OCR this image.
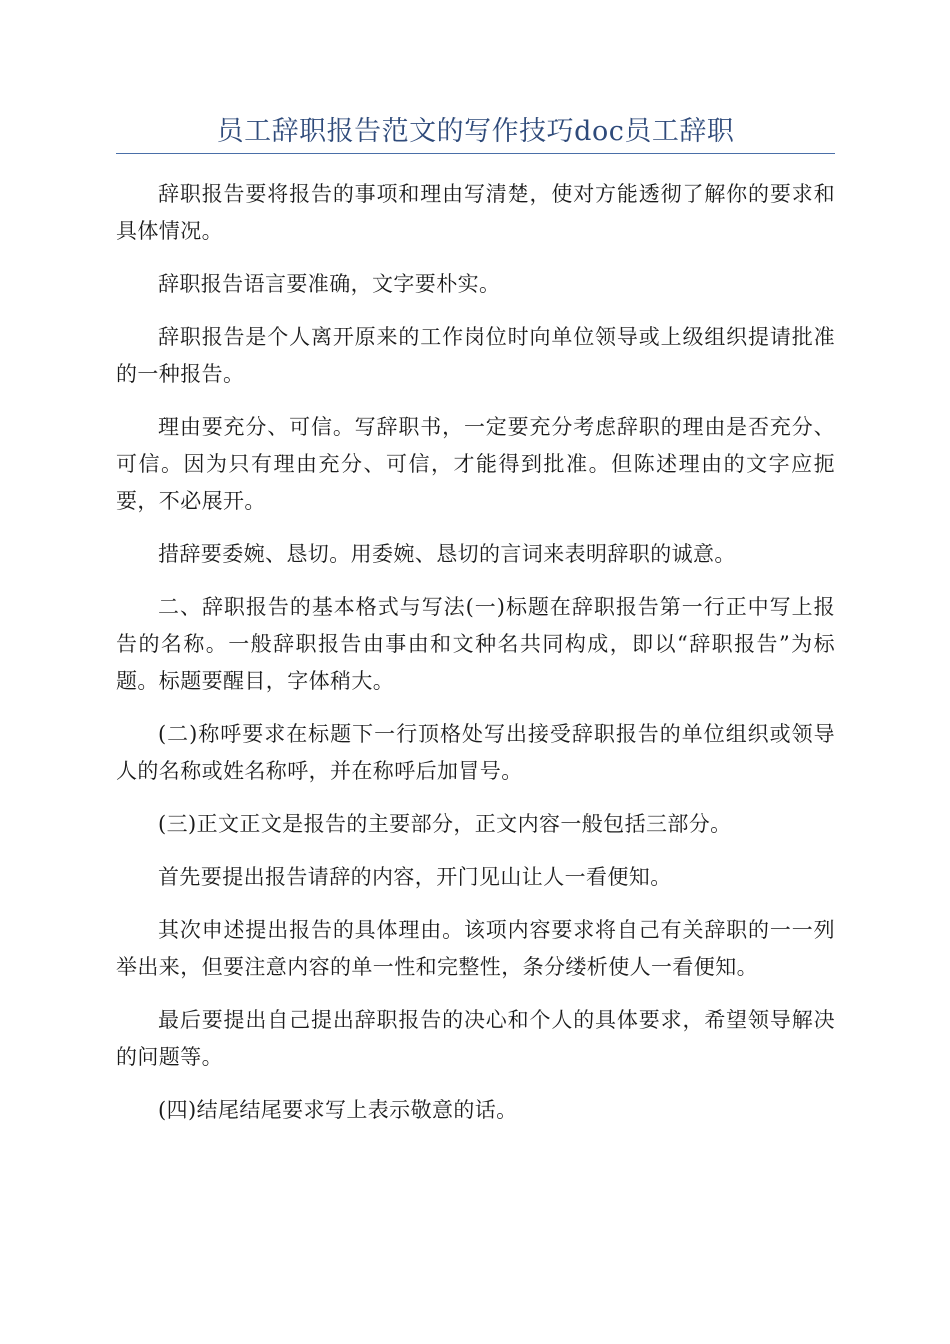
员工辞职报告范文的写作技巧doc员工辞职

辞职报告要将报告的事项和理由写清楚，使对方能透彻了解你的要求和具体情况。

辞职报告语言要准确，文字要朴实。

辞职报告是个人离开原来的工作岗位时向单位领导或上级组织提请批准的一种报告。

理由要充分、可信。写辞职书，一定要充分考虑辞职的理由是否充分、可信。因为只有理由充分、可信，才能得到批准。但陈述理由的文字应扼要，不必展开。

措辞要委婉、恳切。用委婉、恳切的言词来表明辞职的诚意。

二、辞职报告的基本格式与写法(一)标题在辞职报告第一行正中写上报告的名称。一般辞职报告由事由和文种名共同构成，即以“辞职报告”为标题。标题要醒目，字体稍大。

(二)称呼要求在标题下一行顶格处写出接受辞职报告的单位组织或领导人的名称或姓名称呼，并在称呼后加冒号。

(三)正文正文是报告的主要部分，正文内容一般包括三部分。

首先要提出报告请辞的内容，开门见山让人一看便知。

其次申述提出报告的具体理由。该项内容要求将自己有关辞职的一一列举出来，但要注意内容的单一性和完整性，条分缕析使人一看便知。

最后要提出自己提出辞职报告的决心和个人的具体要求，希望领导解决的问题等。

(四)结尾结尾要求写上表示敬意的话。
